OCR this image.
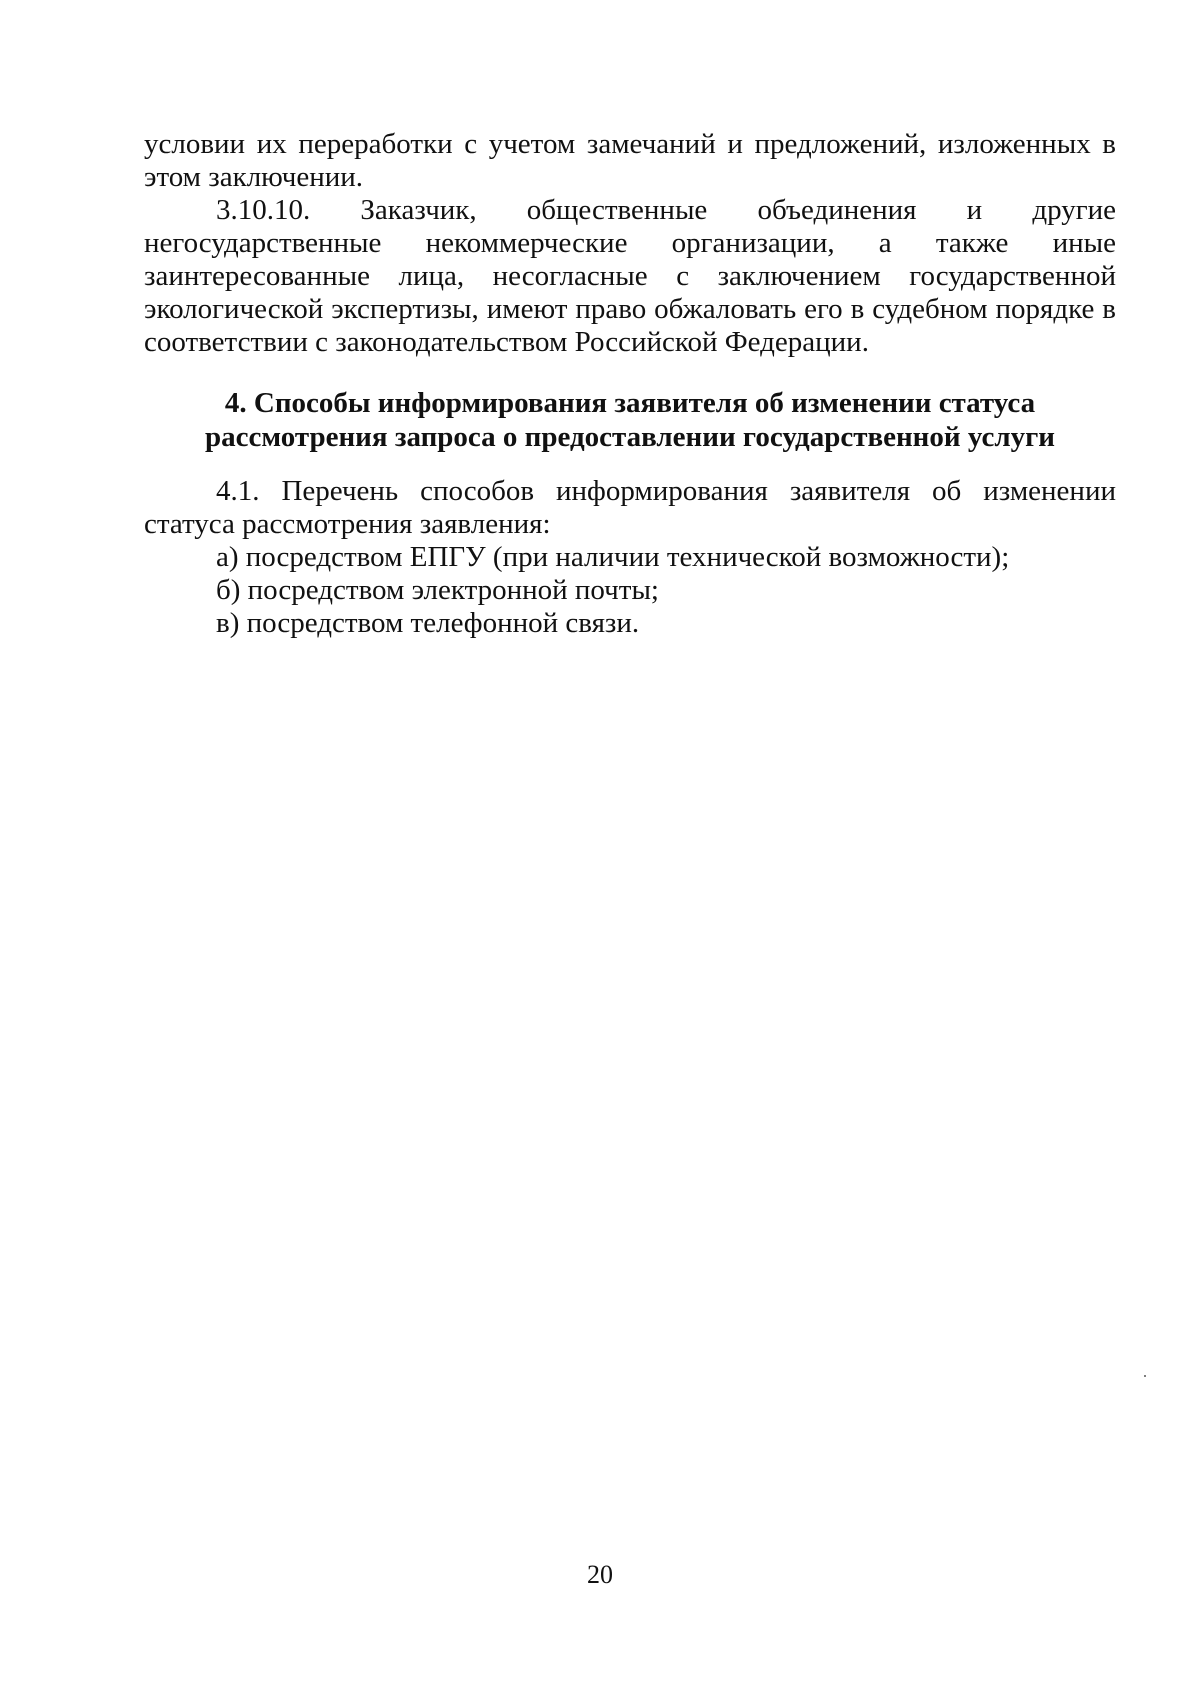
условии их переработки с учетом замечаний и предложений, изложенных в этом заключении.

3.10.10. Заказчик, общественные объединения и другие негосударственные некоммерческие организации, а также иные заинтересованные лица, несогласные с заключением государственной экологической экспертизы, имеют право обжаловать его в судебном порядке в соответствии с законодательством Российской Федерации.

4. Способы информирования заявителя об изменении статуса
рассмотрения запроса о предоставлении государственной услуги

4.1. Перечень способов информирования заявителя об изменении статуса рассмотрения заявления:

а) посредством ЕПГУ (при наличии технической возможности);

б) посредством электронной почты;

в) посредством телефонной связи.

20
